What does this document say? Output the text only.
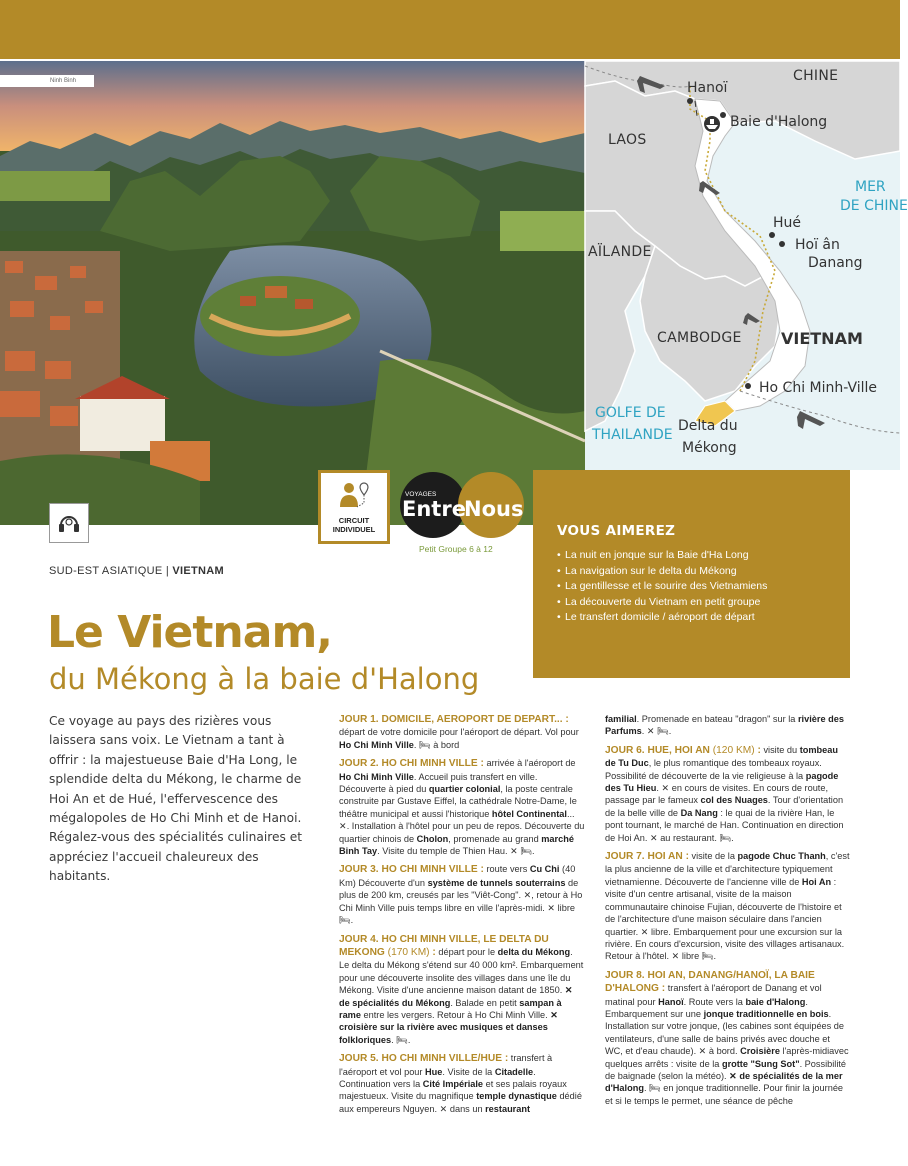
Ninh Binh	CHINE
Hanoï
Baie d'Halong
LAOS
MER
DE CHINE
Hué
Hoï ân
Danang
AÏLANDE
CAMBODGE VIETNAM
Ho Chi Minh-Ville
GOLFE DE
THAILANDE
Delta du
Mékong
CIRCUIT
INDIVIDUEL
VOYAGES
Entre
Nous
Petit Groupe 6 à 12
VOUS AIMEREZ
• La nuit en jonque sur la Baie d'Ha Long
• La navigation sur le delta du Mékong
• La gentillesse et le sourire des Vietnamiens
• La découverte du Vietnam en petit groupe
• Le transfert domicile / aéroport de départ
SUD-EST ASIATIQUE | VIETNAM
Le Vietnam,
du Mékong à la baie d'Halong
Ce voyage au pays des rizières vous laissera sans voix. Le Vietnam a tant à offrir : la majestueuse Baie d'Ha Long, le splendide delta du Mékong, le charme de Hoi An et de Hué, l'effervescence des mégalopoles de Ho Chi Minh et de Hanoi. Régalez-vous des spécialités culinaires et appréciez l'accueil chaleureux des habitants.

JOUR 1. DOMICILE, AEROPORT DE DEPART... : départ de votre domicile pour l'aéroport de départ. Vol pour Ho Chi Minh Ville. 🛏 à bord

JOUR 2. HO CHI MINH VILLE : arrivée à l'aéroport de Ho Chi Minh Ville. Accueil puis transfert en ville. Découverte à pied du quartier colonial, la poste centrale construite par Gustave Eiffel, la cathédrale Notre-Dame, le théâtre municipal et aussi l'historique hôtel Continental... ✕. Installation à l'hôtel pour un peu de repos. Découverte du quartier chinois de Cholon, promenade au grand marché Binh Tay. Visite du temple de Thien Hau. ✕ 🛏.

JOUR 3. HO CHI MINH VILLE : route vers Cu Chi (40 Km) Découverte d'un système de tunnels souterrains de plus de 200 km, creusés par les "Viêt-Cong". ✕, retour à Ho Chi Minh Ville puis temps libre en ville l'après-midi. ✕ libre 🛏.

JOUR 4. HO CHI MINH VILLE, LE DELTA DU MEKONG (170 KM) : départ pour le delta du Mékong. Le delta du Mékong s'étend sur 40 000 km². Embarquement pour une découverte insolite des villages dans une île du Mékong. Visite d'une ancienne maison datant de 1850. ✕ de spécialités du Mékong. Balade en petit sampan à rame entre les vergers. Retour à Ho Chi Minh Ville. ✕ croisière sur la rivière avec musiques et danses folkloriques. 🛏.

JOUR 5. HO CHI MINH VILLE/HUE : transfert à l'aéroport et vol pour Hue. Visite de la Citadelle. Continuation vers la Cité Impériale et ses palais royaux majestueux. Visite du magnifique temple dynastique dédié aux empereurs Nguyen. ✕ dans un restaurant

familial. Promenade en bateau "dragon" sur la rivière des Parfums. ✕ 🛏.

JOUR 6. HUE, HOI AN (120 KM) : visite du tombeau de Tu Duc, le plus romantique des tombeaux royaux. Possibilité de découverte de la vie religieuse à la pagode des Tu Hieu. ✕ en cours de visites. En cours de route, passage par le fameux col des Nuages. Tour d'orientation de la belle ville de Da Nang : le quai de la rivière Han, le pont tournant, le marché de Han. Continuation en direction de Hoi An. ✕ au restaurant. 🛏.

JOUR 7. HOI AN : visite de la pagode Chuc Thanh, c'est la plus ancienne de la ville et d'architecture typiquement vietnamienne. Découverte de l'ancienne ville de Hoi An : visite d'un centre artisanal, visite de la maison communautaire chinoise Fujian, découverte de l'histoire et de l'architecture d'une maison séculaire dans l'ancien quartier. ✕ libre. Embarquement pour une excursion sur la rivière. En cours d'excursion, visite des villages artisanaux. Retour à l'hôtel. ✕ libre 🛏.

JOUR 8. HOI AN, DANANG/HANOÏ, LA BAIE D'HALONG : transfert à l'aéroport de Danang et vol matinal pour Hanoï. Route vers la baie d'Halong. Embarquement sur une jonque traditionnelle en bois. Installation sur votre jonque, (les cabines sont équipées de ventilateurs, d'une salle de bains privés avec douche et WC, et d'eau chaude). ✕ à bord. Croisière l'après-midiavec quelques arrêts : visite de la grotte "Sung Sot". Possibilité de baignade (selon la météo). ✕ de spécialités de la mer d'Halong. 🛏 en jonque traditionnelle. Pour finir la journée et si le temps le permet, une séance de pêche
